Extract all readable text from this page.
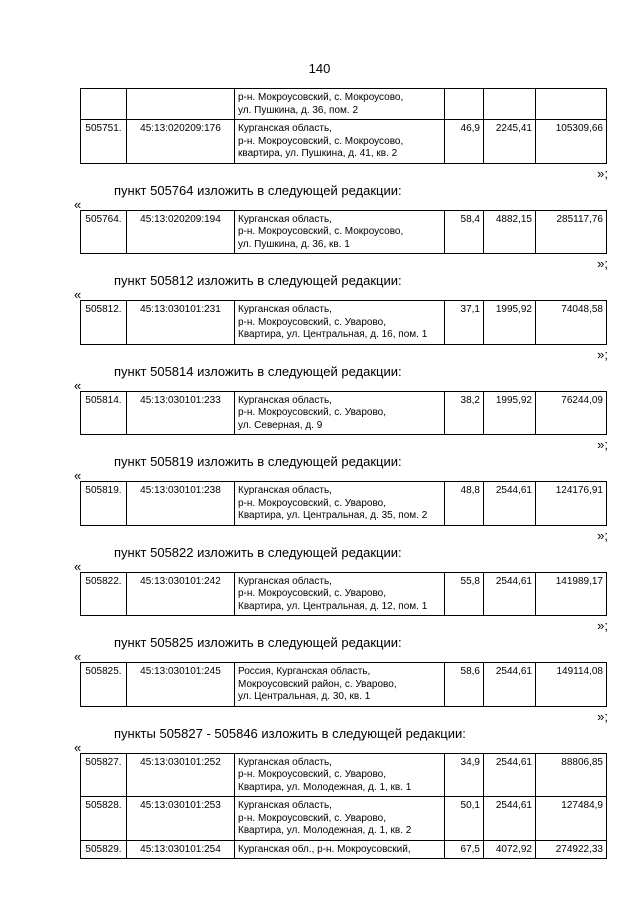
140
		р-н. Мокроусовский, с. Мокроусово,
ул. Пушкина, д. 36, пом. 2			
505751.	45:13:020209:176	Курганская область,
р-н. Мокроусовский, с. Мокроусово,
квартира, ул. Пушкина, д. 41, кв. 2	46,9	2245,41	105309,66
»;
пункт 505764 изложить в следующей редакции:
«
505764.	45:13:020209:194	Курганская область,
р-н. Мокроусовский, с. Мокроусово,
ул. Пушкина, д. 36, кв. 1	58,4	4882,15	285117,76
»;
пункт 505812 изложить в следующей редакции:
«
505812.	45:13:030101:231	Курганская область,
р-н. Мокроусовский, с. Уварово,
Квартира, ул. Центральная, д. 16, пом. 1	37,1	1995,92	74048,58
»;
пункт 505814 изложить в следующей редакции:
«
505814.	45:13:030101:233	Курганская область,
р-н. Мокроусовский, с. Уварово,
ул. Северная, д. 9	38,2	1995,92	76244,09
»;
пункт 505819 изложить в следующей редакции:
«
505819.	45:13:030101:238	Курганская область,
р-н. Мокроусовский, с. Уварово,
Квартира, ул. Центральная, д. 35, пом. 2	48,8	2544,61	124176,91
»;
пункт 505822 изложить в следующей редакции:
«
505822.	45:13:030101:242	Курганская область,
р-н. Мокроусовский, с. Уварово,
Квартира, ул. Центральная, д. 12, пом. 1	55,8	2544,61	141989,17
»;
пункт 505825 изложить в следующей редакции:
«
505825.	45:13:030101:245	Россия, Курганская область,
Мокроусовский район, с. Уварово,
ул. Центральная, д. 30, кв. 1	58,6	2544,61	149114,08
»;
пункты 505827 - 505846 изложить в следующей редакции:
«
505827.	45:13:030101:252	Курганская область,
р-н. Мокроусовский, с. Уварово,
Квартира, ул. Молодежная, д. 1, кв. 1	34,9	2544,61	88806,85
505828.	45:13:030101:253	Курганская область,
р-н. Мокроусовский, с. Уварово,
Квартира, ул. Молодежная, д. 1, кв. 2	50,1	2544,61	127484,9
505829.	45:13:030101:254	Курганская обл., р-н. Мокроусовский,	67,5	4072,92	274922,33
